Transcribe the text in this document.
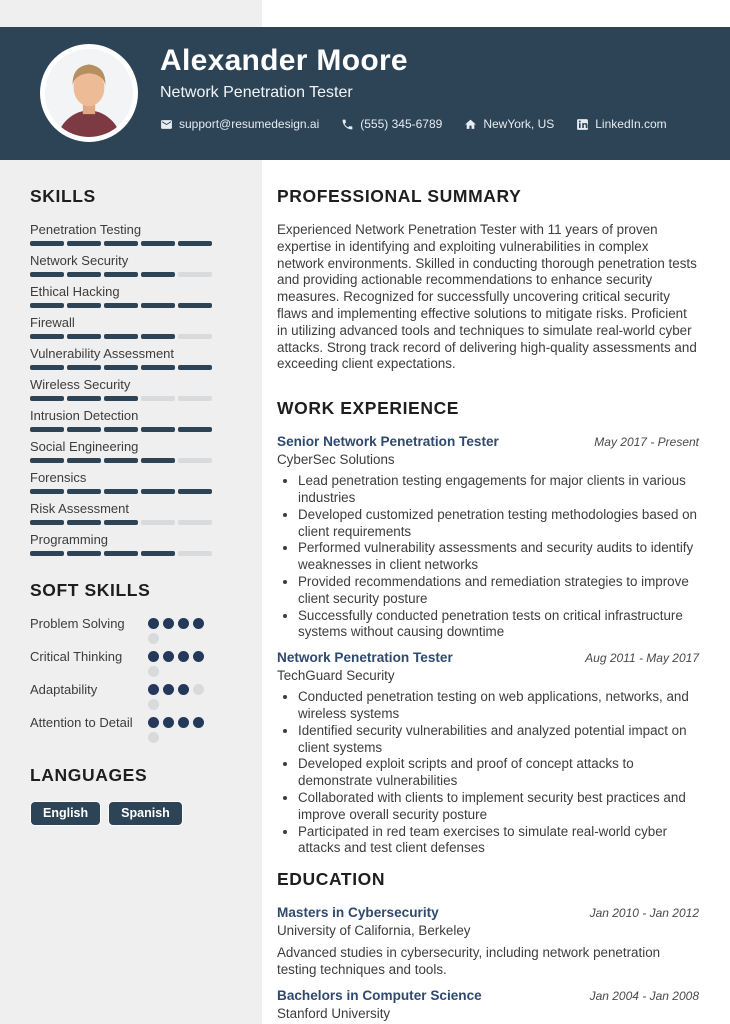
Alexander Moore
Network Penetration Tester
support@resumedesign.ai	(555) 345-6789	NewYork, US	LinkedIn.com
SKILLS
Penetration Testing
Network Security
Ethical Hacking
Firewall
Vulnerability Assessment
Wireless Security
Intrusion Detection
Social Engineering
Forensics
Risk Assessment
Programming
SOFT SKILLS
Problem Solving
Critical Thinking
Adaptability
Attention to Detail
LANGUAGES
English	Spanish
PROFESSIONAL SUMMARY

Experienced Network Penetration Tester with 11 years of proven expertise in identifying and exploiting vulnerabilities in complex network environments. Skilled in conducting thorough penetration tests and providing actionable recommendations to enhance security measures. Recognized for successfully uncovering critical security flaws and implementing effective solutions to mitigate risks. Proficient in utilizing advanced tools and techniques to simulate real-world cyber attacks. Strong track record of delivering high-quality assessments and exceeding client expectations.

WORK EXPERIENCE
Senior Network Penetration Tester	May 2017 - Present
CyberSec Solutions
• Lead penetration testing engagements for major clients in various industries
• Developed customized penetration testing methodologies based on client requirements
• Performed vulnerability assessments and security audits to identify weaknesses in client networks
• Provided recommendations and remediation strategies to improve client security posture
• Successfully conducted penetration tests on critical infrastructure systems without causing downtime
Network Penetration Tester	Aug 2011 - May 2017
TechGuard Security
• Conducted penetration testing on web applications, networks, and wireless systems
• Identified security vulnerabilities and analyzed potential impact on client systems
• Developed exploit scripts and proof of concept attacks to demonstrate vulnerabilities
• Collaborated with clients to implement security best practices and improve overall security posture
• Participated in red team exercises to simulate real-world cyber attacks and test client defenses
EDUCATION
Masters in Cybersecurity	Jan 2010 - Jan 2012
University of California, Berkeley

Advanced studies in cybersecurity, including network penetration testing techniques and tools.

Bachelors in Computer Science	Jan 2004 - Jan 2008
Stanford University
